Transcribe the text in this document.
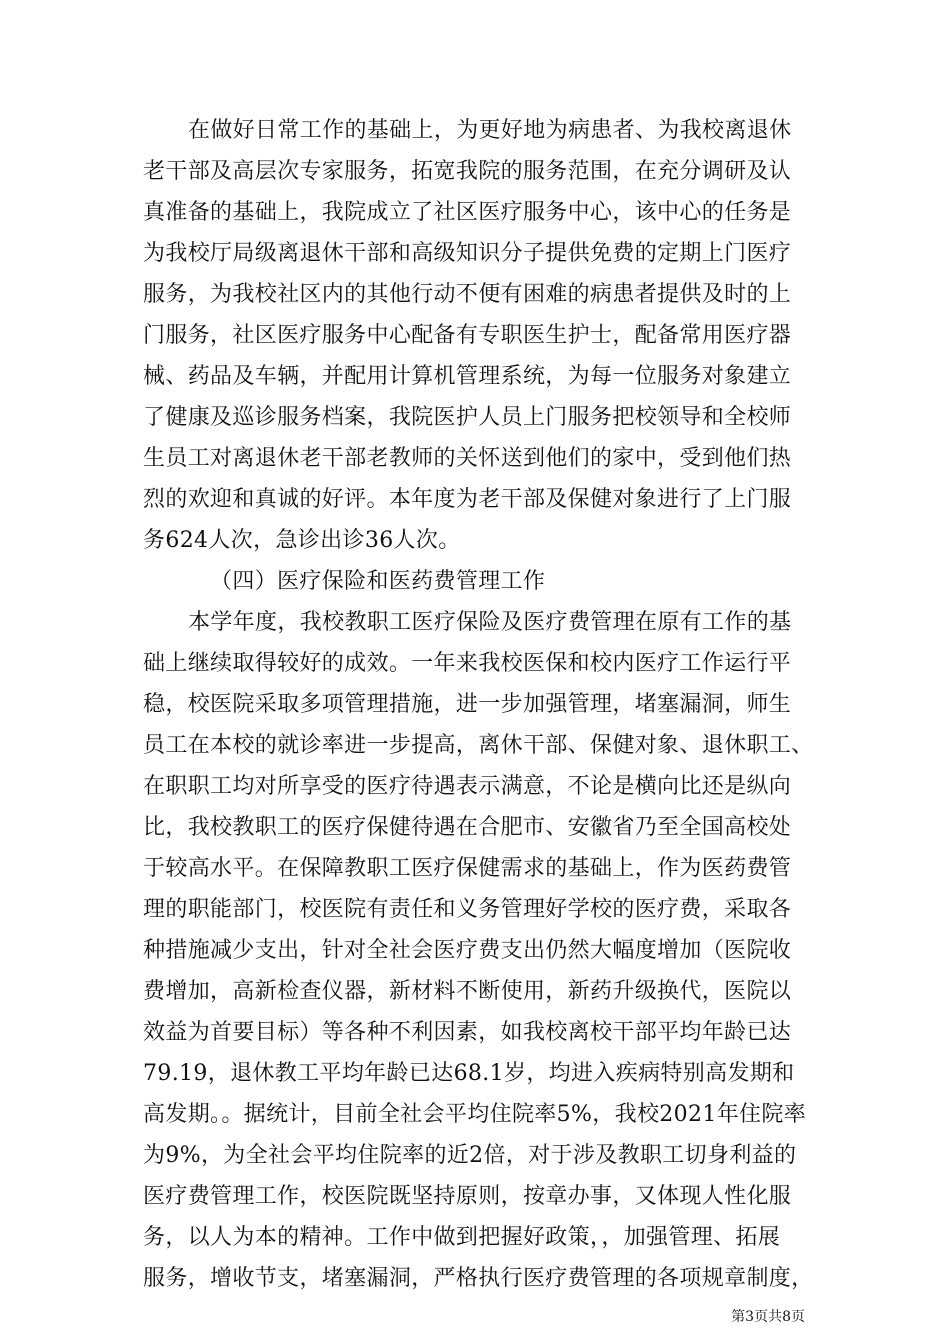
在做好日常工作的基础上，为更好地为病患者、为我校离退休
老干部及高层次专家服务，拓宽我院的服务范围，在充分调研及认
真准备的基础上，我院成立了社区医疗服务中心，该中心的任务是
为我校厅局级离退休干部和高级知识分子提供免费的定期上门医疗
服务，为我校社区内的其他行动不便有困难的病患者提供及时的上
门服务，社区医疗服务中心配备有专职医生护士，配备常用医疗器
械、药品及车辆，并配用计算机管理系统，为每一位服务对象建立
了健康及巡诊服务档案，我院医护人员上门服务把校领导和全校师
生员工对离退休老干部老教师的关怀送到他们的家中，受到他们热
烈的欢迎和真诚的好评。本年度为老干部及保健对象进行了上门服
务624人次，急诊出诊36人次。
（四）医疗保险和医药费管理工作
本学年度，我校教职工医疗保险及医疗费管理在原有工作的基
础上继续取得较好的成效。一年来我校医保和校内医疗工作运行平
稳，校医院采取多项管理措施，进一步加强管理，堵塞漏洞，师生
员工在本校的就诊率进一步提高，离休干部、保健对象、退休职工、
在职职工均对所享受的医疗待遇表示满意，不论是横向比还是纵向
比，我校教职工的医疗保健待遇在合肥市、安徽省乃至全国高校处
于较高水平。在保障教职工医疗保健需求的基础上，作为医药费管
理的职能部门，校医院有责任和义务管理好学校的医疗费，采取各
种措施减少支出，针对全社会医疗费支出仍然大幅度增加（医院收
费增加，高新检查仪器，新材料不断使用，新药升级换代，医院以
效益为首要目标）等各种不利因素，如我校离校干部平均年龄已达
79.19，退休教工平均年龄已达68.1岁，均进入疾病特别高发期和
高发期。。据统计，目前全社会平均住院率5%，我校2021年住院率
为9%，为全社会平均住院率的近2倍，对于涉及教职工切身利益的
医疗费管理工作，校医院既坚持原则，按章办事，又体现人性化服
务，以人为本的精神。工作中做到把握好政策，，加强管理、拓展
服务，增收节支，堵塞漏洞，严格执行医疗费管理的各项规章制度，
第3页共8页
